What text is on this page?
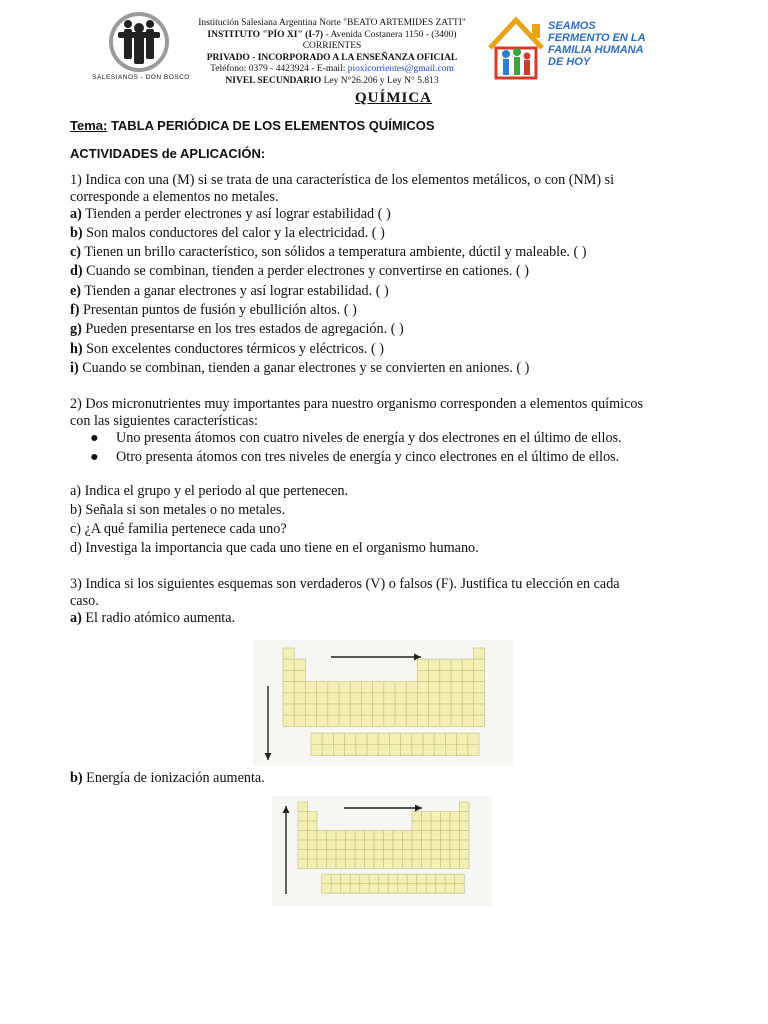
SALESIANOS - DON BOSCO
Institución Salesiana Argentina Norte "BEATO ARTEMIDES ZATTI"
INSTITUTO "PÍO XI" (I-7) - Avenida Costanera 1150 - (3400)
CORRIENTES
PRIVADO - INCORPORADO A LA ENSEÑANZA OFICIAL
Teléfono: 0379 - 4423924 - E-mail: pioxicorrientes@gmail.com
NIVEL SECUNDARIO Ley N°26.206 y Ley N° 5.813
SEAMOS FERMENTO EN LA FAMILIA HUMANA DE HOY
QUÍMICA
Tema: TABLA PERIÓDICA DE LOS ELEMENTOS QUÍMICOS
ACTIVIDADES de APLICACIÓN:
1) Indica con una (M) si se trata de una característica de los elementos metálicos, o con (NM) si
corresponde a elementos no metales.
a) Tienden a perder electrones y así lograr estabilidad ( )
b) Son malos conductores del calor y la electricidad. ( )
c) Tienen un brillo característico, son sólidos a temperatura ambiente, dúctil y maleable. ( )
d) Cuando se combinan, tienden a perder electrones y convertirse en cationes. ( )
e) Tienden a ganar electrones y así lograr estabilidad. ( )
f) Presentan puntos de fusión y ebullición altos. ( )
g) Pueden presentarse en los tres estados de agregación. ( )
h) Son excelentes conductores térmicos y eléctricos. ( )
i) Cuando se combinan, tienden a ganar electrones y se convierten en aniones. ( )
2) Dos micronutrientes muy importantes para nuestro organismo corresponden a elementos químicos
con las siguientes características:
● Uno presenta átomos con cuatro niveles de energía y dos electrones en el último de ellos.
● Otro presenta átomos con tres niveles de energía y cinco electrones en el último de ellos.
a) Indica el grupo y el periodo al que pertenecen.
b) Señala si son metales o no metales.
c) ¿A qué familia pertenece cada uno?
d) Investiga la importancia que cada uno tiene en el organismo humano.
3) Indica si los siguientes esquemas son verdaderos (V) o falsos (F). Justifica tu elección en cada
caso.
a) El radio atómico aumenta.
b) Energía de ionización aumenta.
